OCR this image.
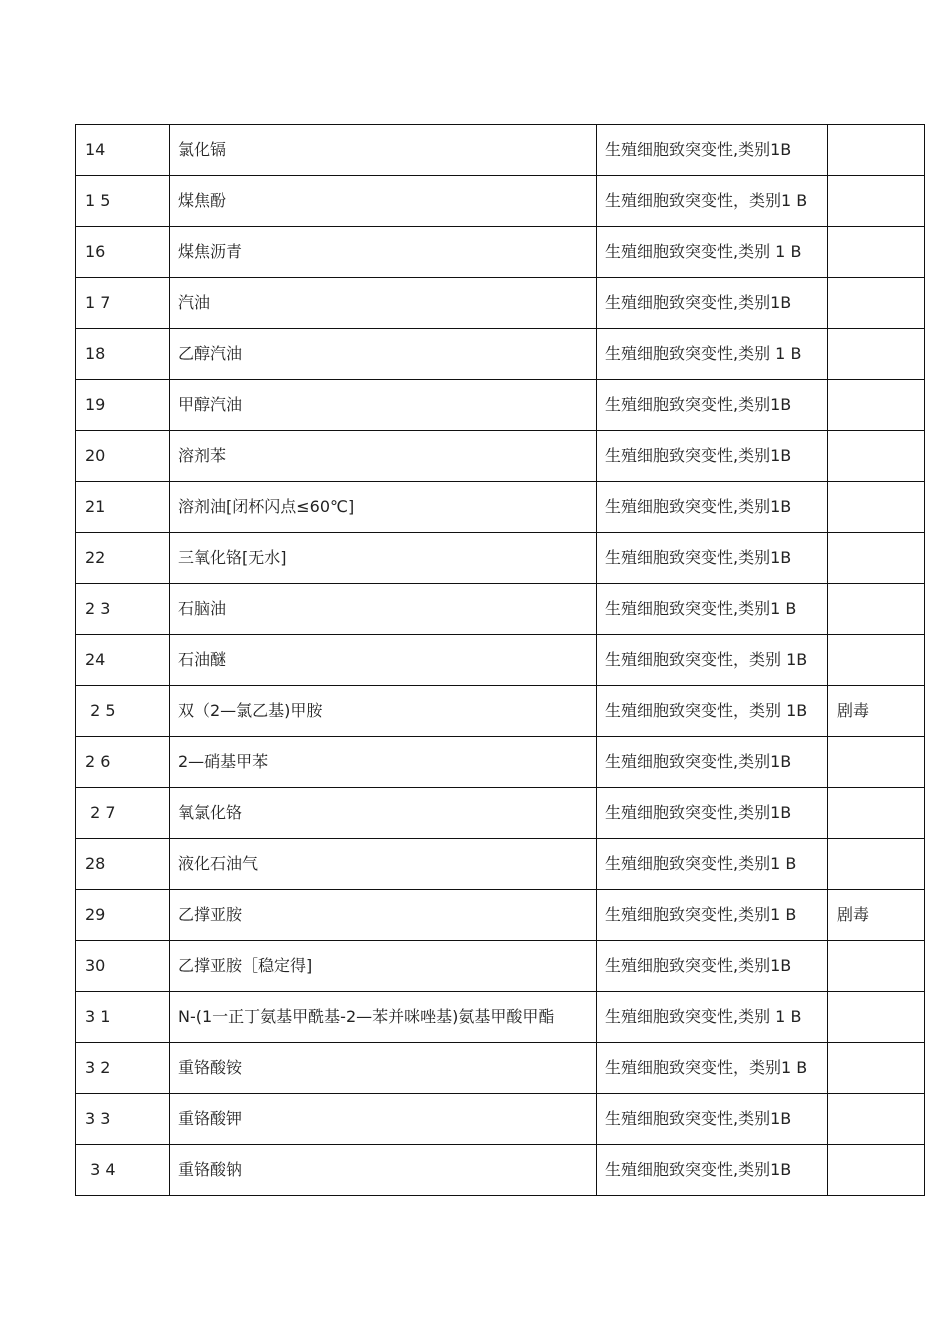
14	氯化镉	生殖细胞致突变性,类别1B	

1 5	煤焦酚	生殖细胞致突变性，类别1 B	

16	煤焦沥青	生殖细胞致突变性,类别 1 B	

1 7	汽油	生殖细胞致突变性,类别1B	

18	乙醇汽油	生殖细胞致突变性,类别 1 B	

19	甲醇汽油	生殖细胞致突变性,类别1B	

20	溶剂苯	生殖细胞致突变性,类别1B	

21	溶剂油[闭杯闪点≤60℃]	生殖细胞致突变性,类别1B	

22	三氧化铬[无水]	生殖细胞致突变性,类别1B	

2 3	石脑油	生殖细胞致突变性,类别1 B	

24	石油醚	生殖细胞致突变性，类别 1B	

2 5	双（2—氯乙基)甲胺	生殖细胞致突变性，类别 1B	剧毒

2 6	2—硝基甲苯	生殖细胞致突变性,类别1B	

2 7	氧氯化铬	生殖细胞致突变性,类别1B	

28	液化石油气	生殖细胞致突变性,类别1 B	

29	乙撑亚胺	生殖细胞致突变性,类别1 B	剧毒

30	乙撑亚胺［稳定得]	生殖细胞致突变性,类别1B	

3 1	N-(1一正丁氨基甲酰基-2—苯并咪唑基)氨基甲酸甲酯	生殖细胞致突变性,类别 1 B	

3 2	重铬酸铵	生殖细胞致突变性，类别1 B	

3 3	重铬酸钾	生殖细胞致突变性,类别1B	

3 4	重铬酸钠	生殖细胞致突变性,类别1B	
